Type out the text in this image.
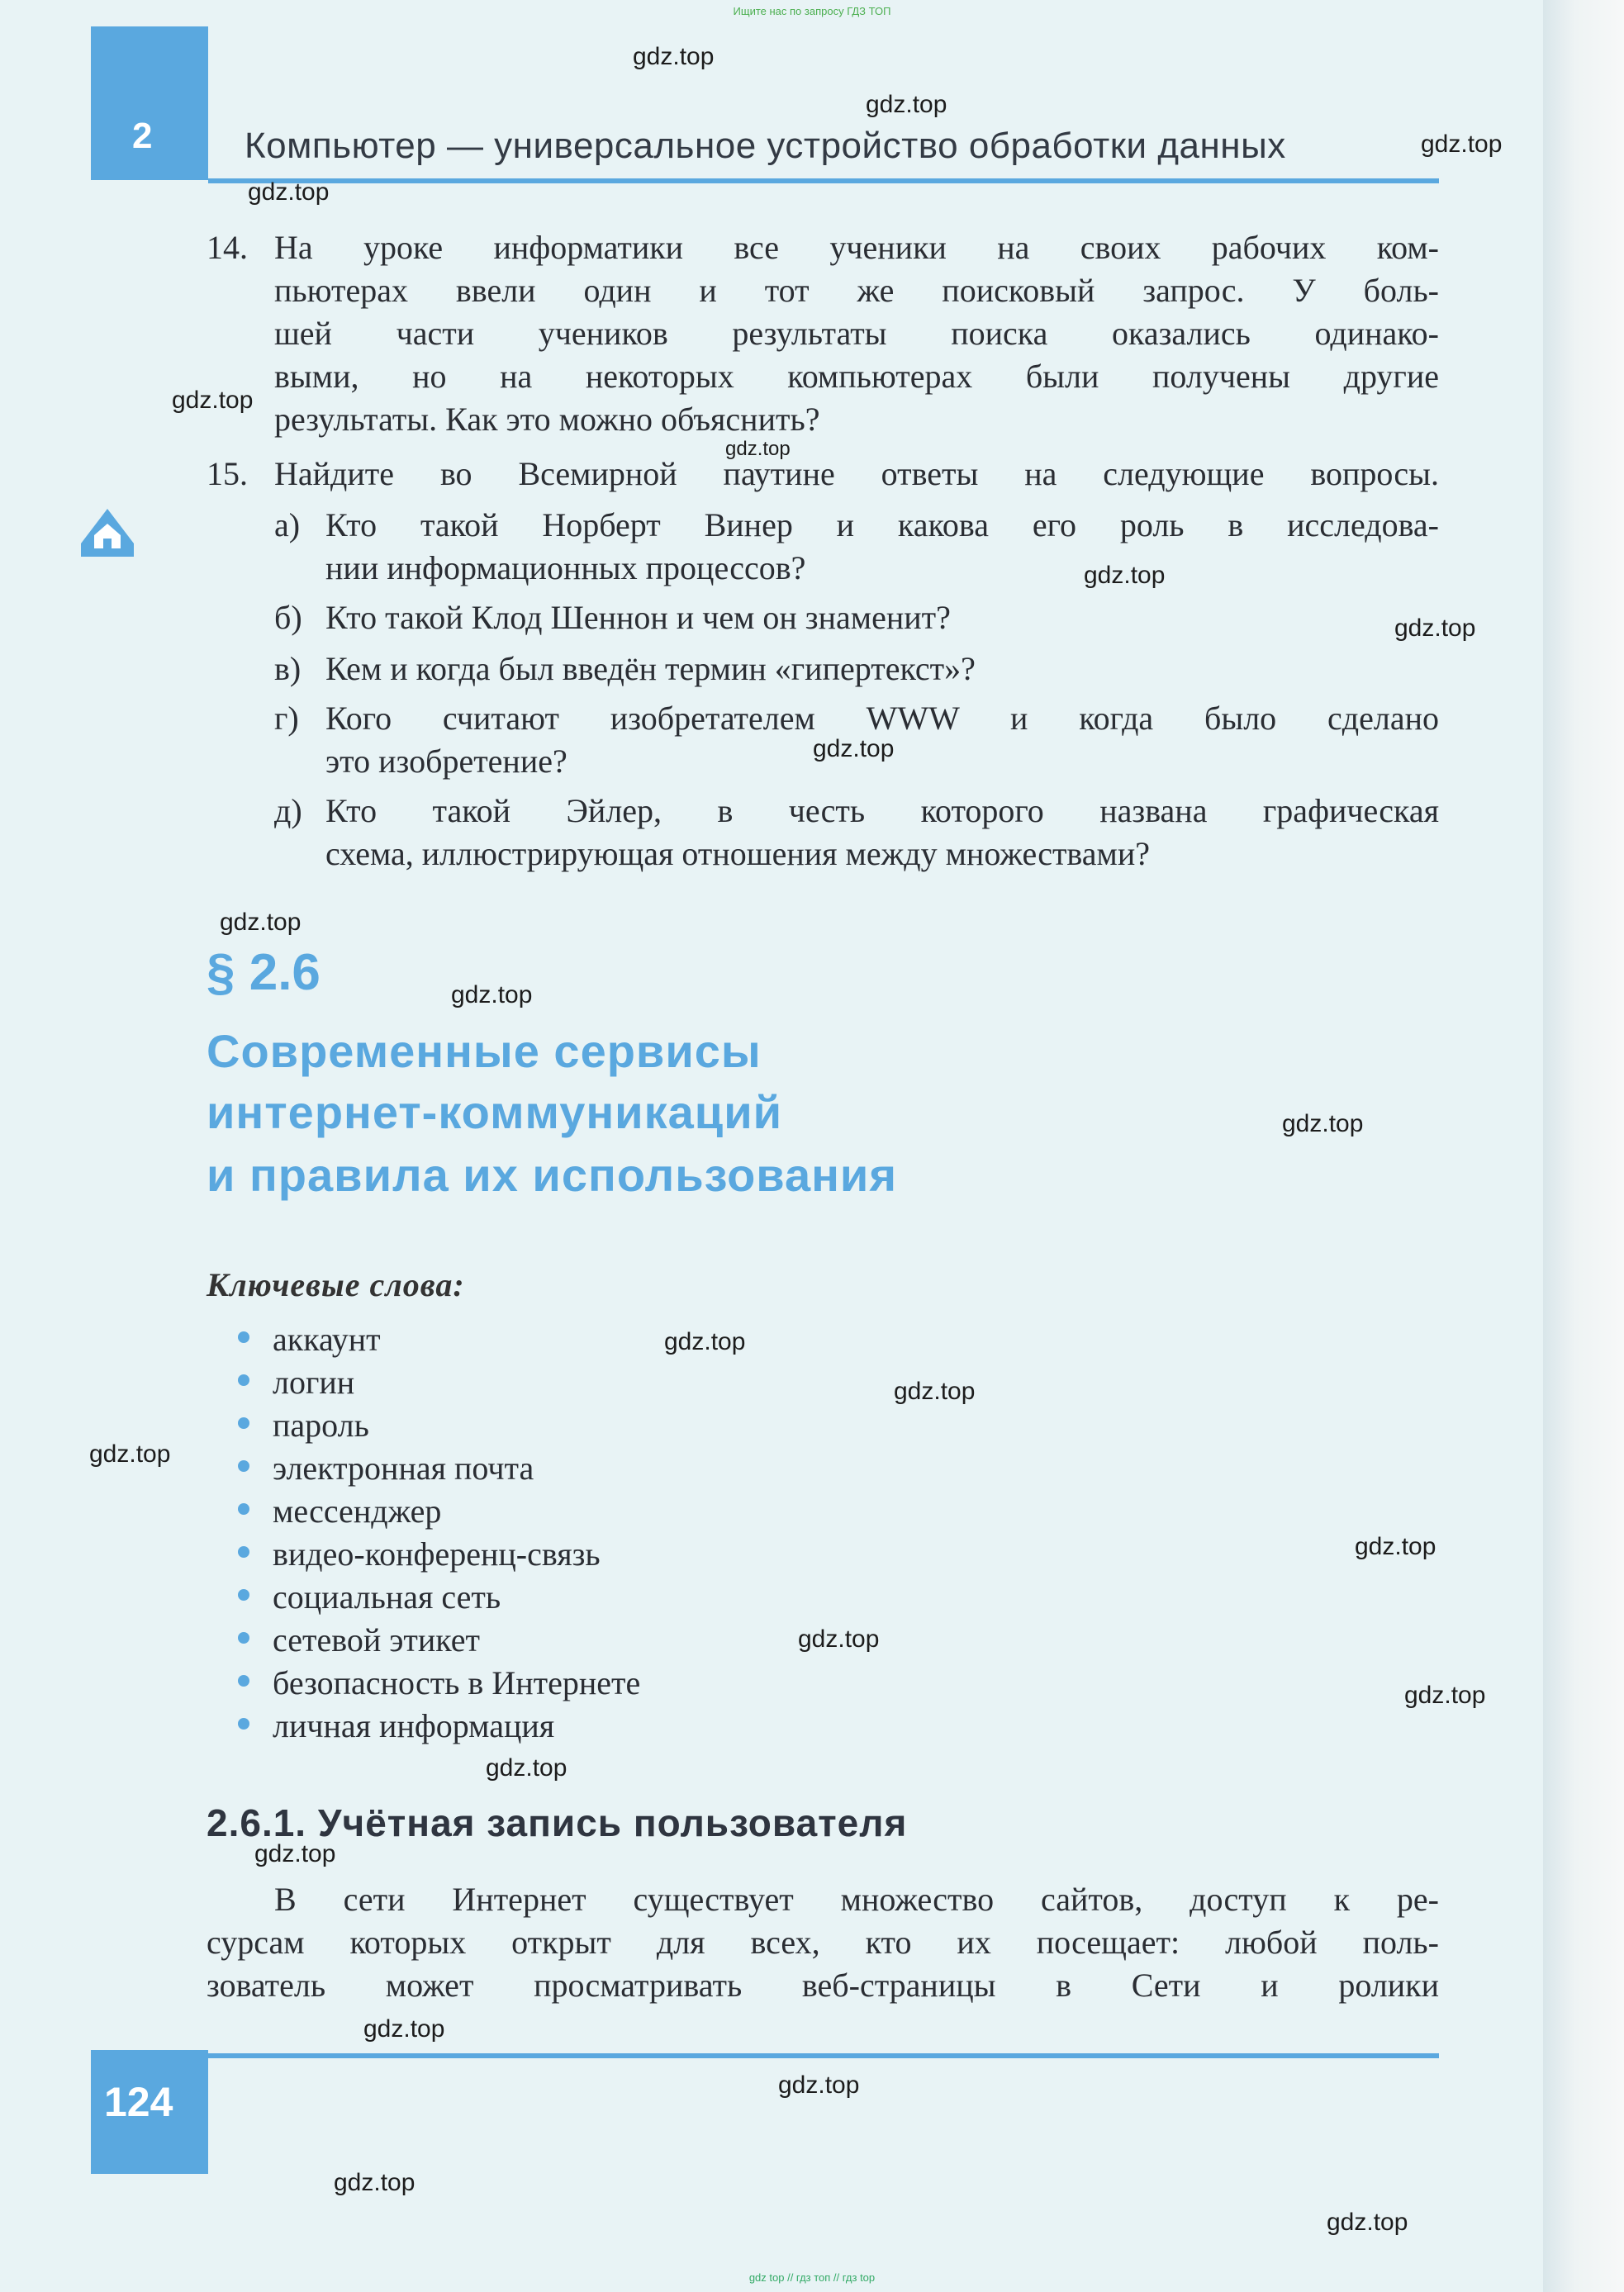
Ищите нас по запросу ГДЗ ТОП
2	Компьютер — универсальное устройство обработки данных
14. На уроке информатики все ученики на своих рабочих ком-
пьютерах ввели один и тот же поисковый запрос. У боль-
шей части учеников результаты поиска оказались одинако-
выми, но на некоторых компьютерах были получены другие
результаты. Как это можно объяснить?
15. Найдите во Всемирной паутине ответы на следующие вопросы.
а) Кто такой Норберт Винер и какова его роль в исследова-
нии информационных процессов?
б) Кто такой Клод Шеннон и чем он знаменит?
в) Кем и когда был введён термин «гипертекст»?
г) Кого считают изобретателем WWW и когда было сделано
это изобретение?
д) Кто такой Эйлер, в честь которого названа графическая
схема, иллюстрирующая отношения между множествами?
§ 2.6
Современные сервисы
интернет-коммуникаций
и правила их использования
Ключевые слова:
аккаунт
логин
пароль
электронная почта
мессенджер
видео-конференц-связь
социальная сеть
сетевой этикет
безопасность в Интернете
личная информация
2.6.1. Учётная запись пользователя
В сети Интернет существует множество сайтов, доступ к ре-
сурсам которых открыт для всех, кто их посещает: любой поль-
зователь может просматривать веб-страницы в Сети и ролики
124
gdz.top
gdz.top
gdz.top
gdz.top
gdz.top
gdz.top
gdz.top
gdz.top
gdz.top
gdz.top
gdz.top
gdz.top
gdz.top
gdz.top
gdz.top
gdz.top
gdz.top
gdz.top
gdz.top
gdz.top
gdz.top
gdz.top
gdz.top
gdz.top
gdz top // гдз топ // гдз top
